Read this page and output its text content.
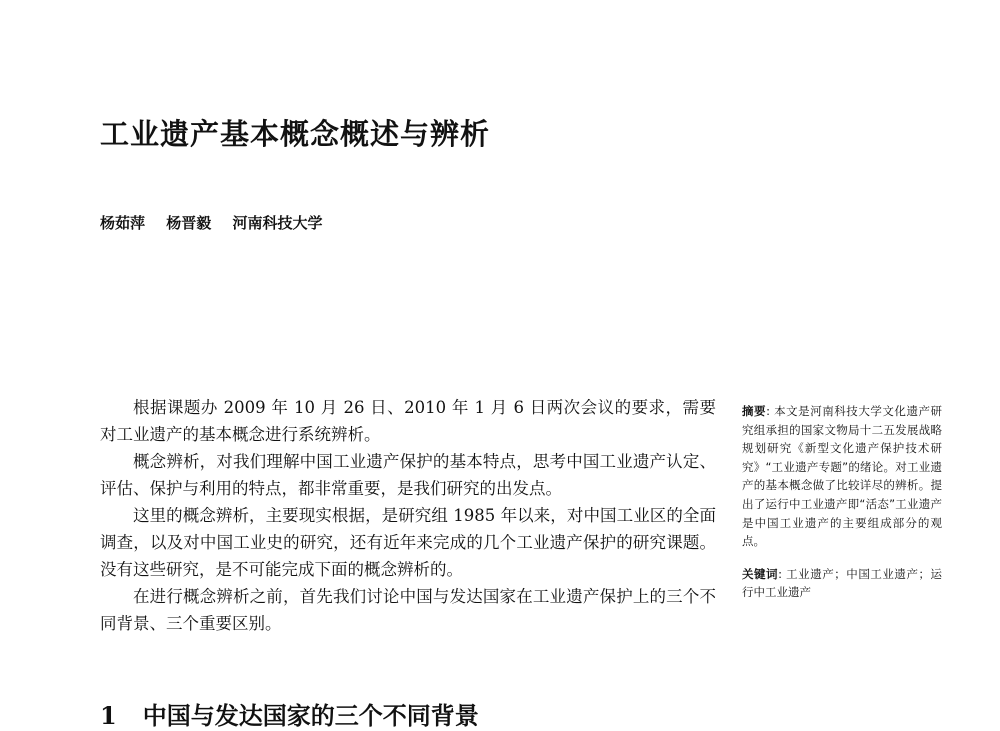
工业遗产基本概念概述与辨析
杨茹萍 杨晋毅 河南科技大学

根据课题办 2009 年 10 月 26 日、2010 年 1 月 6 日两次会议的要求，需要对工业遗产的基本概念进行系统辨析。

概念辨析，对我们理解中国工业遗产保护的基本特点，思考中国工业遗产认定、评估、保护与利用的特点，都非常重要，是我们研究的出发点。

这里的概念辨析，主要现实根据，是研究组 1985 年以来，对中国工业区的全面调查，以及对中国工业史的研究，还有近年来完成的几个工业遗产保护的研究课题。没有这些研究，是不可能完成下面的概念辨析的。

在进行概念辨析之前，首先我们讨论中国与发达国家在工业遗产保护上的三个不同背景、三个重要区别。

摘要: 本文是河南科技大学文化遗产研究组承担的国家文物局十二五发展战略规划研究《新型文化遗产保护技术研究》“工业遗产专题”的绪论。对工业遗产的基本概念做了比较详尽的辨析。提出了运行中工业遗产即“活态”工业遗产是中国工业遗产的主要组成部分的观点。

关键词: 工业遗产；中国工业遗产；运行中工业遗产

1 中国与发达国家的三个不同背景
